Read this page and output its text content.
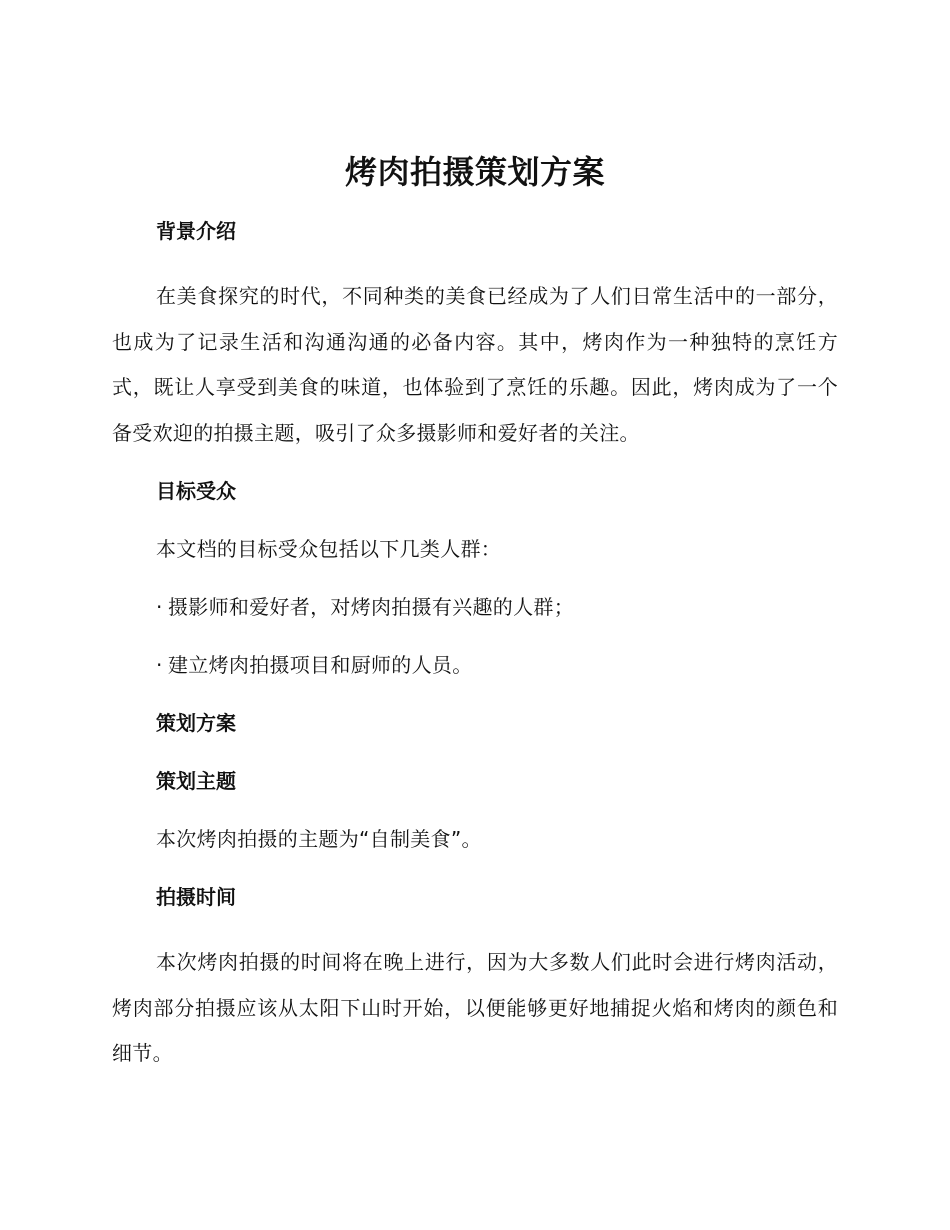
烤肉拍摄策划方案
背景介绍

在美食探究的时代，不同种类的美食已经成为了人们日常生活中的一部分，也成为了记录生活和沟通沟通的必备内容。其中，烤肉作为一种独特的烹饪方式，既让人享受到美食的味道，也体验到了烹饪的乐趣。因此，烤肉成为了一个备受欢迎的拍摄主题，吸引了众多摄影师和爱好者的关注。

目标受众
本文档的目标受众包括以下几类人群：
· 摄影师和爱好者，对烤肉拍摄有兴趣的人群；
· 建立烤肉拍摄项目和厨师的人员。
策划方案
策划主题
本次烤肉拍摄的主题为“自制美食”。
拍摄时间

本次烤肉拍摄的时间将在晚上进行，因为大多数人们此时会进行烤肉活动，烤肉部分拍摄应该从太阳下山时开始，以便能够更好地捕捉火焰和烤肉的颜色和细节。
